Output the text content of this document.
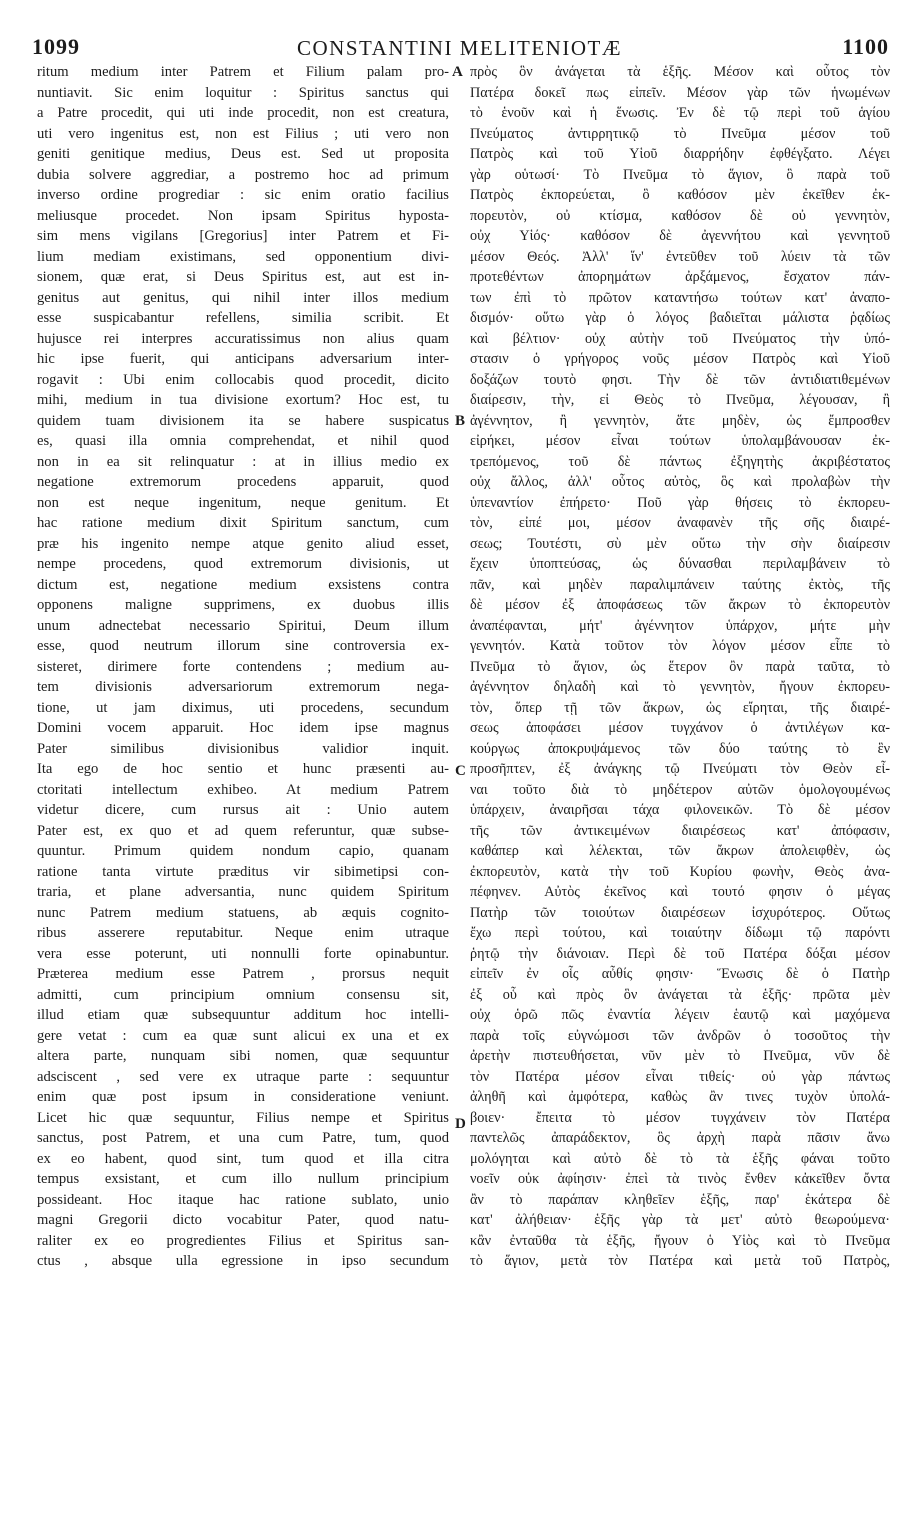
1099	CONSTANTINI MELITENIOTÆ	1100
ritum medium inter Patrem et Filium palam pro-
nuntiavit. Sic enim loquitur : Spiritus sanctus qui
a Patre procedit, qui uti inde procedit, non est creatura,
uti vero ingenitus est, non est Filius ; uti vero non
geniti genitique medius, Deus est. Sed ut proposita
dubia solvere aggrediar, a postremo hoc ad primum
inverso ordine progrediar : sic enim oratio facilius
meliusque procedet. Non ipsam Spiritus hyposta-
sim mens vigilans [Gregorius] inter Patrem et Fi-
lium mediam existimans, sed opponentium divi-
sionem, quæ erat, si Deus Spiritus est, aut est in-
genitus aut genitus, qui nihil inter illos medium
esse suspicabantur refellens, similia scribit. Et
hujusce rei interpres accuratissimus non alius quam
hic ipse fuerit, qui anticipans adversarium inter-
rogavit : Ubi enim collocabis quod procedit, dicito
mihi, medium in tua divisione exortum? Hoc est, tu
quidem tuam divisionem ita se habere suspicatus
es, quasi illa omnia comprehendat, et nihil quod
non in ea sit relinquatur : at in illius medio ex
negatione extremorum procedens apparuit, quod
non est neque ingenitum, neque genitum. Et
hac ratione medium dixit Spiritum sanctum, cum
præ his ingenito nempe atque genito aliud esset,
nempe procedens, quod extremorum divisionis, ut
dictum est, negatione medium exsistens contra
opponens maligne supprimens, ex duobus illis
unum adnectebat necessario Spiritui, Deum illum
esse, quod neutrum illorum sine controversia ex-
sisteret, dirimere forte contendens ; medium au-
tem divisionis adversariorum extremorum nega-
tione, ut jam diximus, uti procedens, secundum
Domini vocem apparuit. Hoc idem ipse magnus
Pater similibus divisionibus validior inquit.
Ita ego de hoc sentio et hunc præsenti au-
ctoritati intellectum exhibeo. At medium Patrem
videtur dicere, cum rursus ait : Unio autem
Pater est, ex quo et ad quem referuntur, quæ subse-
quuntur. Primum quidem nondum capio, quanam
ratione tanta virtute præditus vir sibimetipsi con-
traria, et plane adversantia, nunc quidem Spiritum
nunc Patrem medium statuens, ab æquis cognito-
ribus asserere reputabitur. Neque enim utraque
vera esse poterunt, uti nonnulli forte opinabuntur.
Præterea medium esse Patrem , prorsus nequit
admitti, cum principium omnium consensu sit,
illud etiam quæ subsequuntur additum hoc intelli-
gere vetat : cum ea quæ sunt alicui ex una et ex
altera parte, nunquam sibi nomen, quæ sequuntur
adsciscent , sed vere ex utraque parte : sequuntur
enim quæ post ipsum in consideratione veniunt.
Licet hic quæ sequuntur, Filius nempe et Spiritus
sanctus, post Patrem, et una cum Patre, tum, quod
ex eo habent, quod sint, tum quod et illa citra
tempus exsistant, et cum illo nullum principium
possideant. Hoc itaque hac ratione sublato, unio
magni Gregorii dicto vocabitur Pater, quod natu-
raliter ex eo progredientes Filius et Spiritus san-
ctus , absque ulla egressione in ipso secundum
A
B
C
D
πρὸς ὃν ἀνάγεται τὰ ἑξῆς. Μέσον καὶ οὗτος τὸν
Πατέρα δοκεῖ πως εἰπεῖν. Μέσον γὰρ τῶν ἡνωμένων
τὸ ἑνοῦν καὶ ἡ ἕνωσις. Ἐν δὲ τῷ περὶ τοῦ ἁγίου
Πνεύματος ἀντιρρητικῷ τὸ Πνεῦμα μέσον τοῦ
Πατρὸς καὶ τοῦ Υἱοῦ διαρρήδην ἐφθέγξατο. Λέγει
γὰρ οὑτωσί· Τὸ Πνεῦμα τὸ ἅγιον, ὃ παρὰ τοῦ
Πατρὸς ἐκπορεύεται, ὃ καθόσον μὲν ἐκεῖθεν ἐκ-
πορευτὸν, οὐ κτίσμα, καθόσον δὲ οὐ γεννητὸν,
οὐχ Υἱός· καθόσον δὲ ἀγεννήτου καὶ γεννητοῦ
μέσον Θεός. Ἀλλ' ἵν' ἐντεῦθεν τοῦ λύειν τὰ τῶν
προτεθέντων ἀπορημάτων ἀρξάμενος, ἔσχατον πάν-
των ἐπὶ τὸ πρῶτον καταντήσω τούτων κατ' ἀναπο-
δισμόν· οὕτω γὰρ ὁ λόγος βαδιεῖται μάλιστα ῥᾳδίως
καὶ βέλτιον· οὐχ αὐτὴν τοῦ Πνεύματος τὴν ὑπό-
στασιν ὁ γρήγορος νοῦς μέσον Πατρὸς καὶ Υἱοῦ
δοξάζων τουτὸ φησι. Τὴν δὲ τῶν ἀντιδιατιθεμένων
διαίρεσιν, τὴν, εἰ Θεὸς τὸ Πνεῦμα, λέγουσαν, ἢ
ἀγέννητον, ἢ γεννητὸν, ἅτε μηδὲν, ὡς ἔμπροσθεν
εἰρήκει, μέσον εἶναι τούτων ὑπολαμβάνουσαν ἐκ-
τρεπόμενος, τοῦ δὲ πάντως ἐξηγητὴς ἀκριβέστατος
οὐχ ἄλλος, ἀλλ' οὗτος αὐτὸς, ὃς καὶ προλαβὼν τὴν
ὑπεναντίον ἐπήρετο· Ποῦ γὰρ θήσεις τὸ ἐκπορευ-
τὸν, εἰπέ μοι, μέσον ἀναφανὲν τῆς σῆς διαιρέ-
σεως; Τουτέστι, σὺ μὲν οὕτω τὴν σὴν διαίρεσιν
ἔχειν ὑποπτεύσας, ὡς δύνασθαι περιλαμβάνειν τὸ
πᾶν, καὶ μηδὲν παραλιμπάνειν ταύτης ἐκτὸς, τῆς
δὲ μέσον ἐξ ἀποφάσεως τῶν ἄκρων τὸ ἐκπορευτὸν
ἀναπέφανται, μήτ' ἀγέννητον ὑπάρχον, μήτε μὴν
γεννητόν. Κατὰ τοῦτον τὸν λόγον μέσον εἶπε τὸ
Πνεῦμα τὸ ἅγιον, ὡς ἕτερον ὂν παρὰ ταῦτα, τὸ
ἀγέννητον δηλαδὴ καὶ τὸ γεννητὸν, ἤγουν ἐκπορευ-
τὸν, ὅπερ τῇ τῶν ἄκρων, ὡς εἴρηται, τῆς διαιρέ-
σεως ἀποφάσει μέσον τυγχάνον ὁ ἀντιλέγων κα-
κούργως ἀποκρυψάμενος τῶν δύο ταύτης τὸ ἓν
προσῆπτεν, ἐξ ἀνάγκης τῷ Πνεύματι τὸν Θεὸν εἶ-
ναι τοῦτο διὰ τὸ μηδέτερον αὐτῶν ὁμολογουμένως
ὑπάρχειν, ἀναιρῆσαι τάχα φιλονεικῶν. Τὸ δὲ μέσον
τῆς τῶν ἀντικειμένων διαιρέσεως κατ' ἀπόφασιν,
καθάπερ καὶ λέλεκται, τῶν ἄκρων ἀπολειφθὲν, ὡς
ἐκπορευτὸν, κατὰ τὴν τοῦ Κυρίου φωνὴν, Θεὸς ἀνα-
πέφηνεν. Αὐτὸς ἐκεῖνος καὶ τουτό φησιν ὁ μέγας
Πατὴρ τῶν τοιούτων διαιρέσεων ἰσχυρότερος. Οὕτως
ἔχω περὶ τούτου, καὶ τοιαύτην δίδωμι τῷ παρόντι
ῥητῷ τὴν διάνοιαν. Περὶ δὲ τοῦ Πατέρα δόξαι μέσον
εἰπεῖν ἐν οἷς αὖθίς φησιν· Ἕνωσις δὲ ὁ Πατὴρ
ἐξ οὗ καὶ πρὸς ὃν ἀνάγεται τὰ ἑξῆς· πρῶτα μὲν
οὐχ ὁρῶ πῶς ἐναντία λέγειν ἑαυτῷ καὶ μαχόμενα
παρὰ τοῖς εὐγνώμοσι τῶν ἀνδρῶν ὁ τοσοῦτος τὴν
ἀρετὴν πιστευθήσεται, νῦν μὲν τὸ Πνεῦμα, νῦν δὲ
τὸν Πατέρα μέσον εἶναι τιθείς· οὐ γὰρ πάντως
ἀληθῆ καὶ ἀμφότερα, καθὼς ἂν τινες τυχὸν ὑπολά-
βοιεν· ἔπειτα τὸ μέσον τυγχάνειν τὸν Πατέρα
παντελῶς ἀπαράδεκτον, ὃς ἀρχὴ παρὰ πᾶσιν ἄνω
μολόγηται καὶ αὐτὸ δὲ τὸ τὰ ἑξῆς φάναι τοῦτο
νοεῖν οὐκ ἀφίησιν· ἐπεὶ τὰ τινὸς ἔνθεν κἀκεῖθεν ὄντα
ἂν τὸ παράπαν κληθεῖεν ἑξῆς, παρ' ἑκάτερα δὲ
κατ' ἀλήθειαν· ἑξῆς γὰρ τὰ μετ' αὐτὸ θεωρούμενα·
κἂν ἐνταῦθα τὰ ἑξῆς, ἤγουν ὁ Υἱὸς καὶ τὸ Πνεῦμα
τὸ ἅγιον, μετὰ τὸν Πατέρα καὶ μετὰ τοῦ Πατρὸς,
